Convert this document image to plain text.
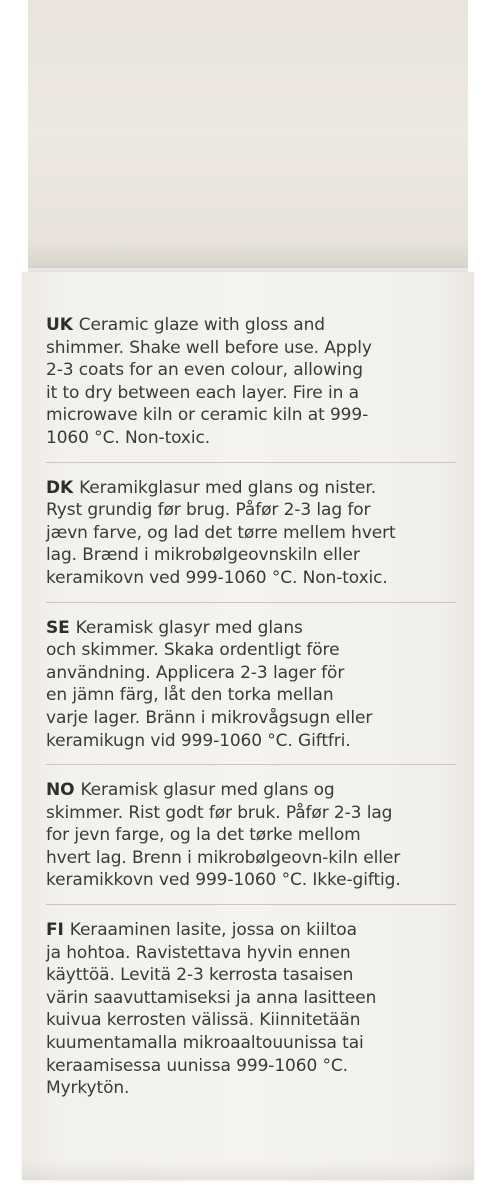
UK Ceramic glaze with gloss and
shimmer. Shake well before use. Apply
2-3 coats for an even colour, allowing
it to dry between each layer. Fire in a
microwave kiln or ceramic kiln at 999-
1060 °C. Non-toxic.
DK Keramikglasur med glans og nister.
Ryst grundig før brug. Påfør 2-3 lag for
jævn farve, og lad det tørre mellem hvert
lag. Brænd i mikrobølgeovnskiln eller
keramikovn ved 999-1060 °C. Non-toxic.
SE Keramisk glasyr med glans
och skimmer. Skaka ordentligt före
användning. Applicera 2-3 lager för
en jämn färg, låt den torka mellan
varje lager. Bränn i mikrovågsugn eller
keramikugn vid 999-1060 °C. Giftfri.
NO Keramisk glasur med glans og
skimmer. Rist godt før bruk. Påfør 2-3 lag
for jevn farge, og la det tørke mellom
hvert lag. Brenn i mikrobølgeovn-kiln eller
keramikkovn ved 999-1060 °C. Ikke-giftig.
FI Keraaminen lasite, jossa on kiiltoa
ja hohtoa. Ravistettava hyvin ennen
käyttöä. Levitä 2-3 kerrosta tasaisen
värin saavuttamiseksi ja anna lasitteen
kuivua kerrosten välissä. Kiinnitetään
kuumentamalla mikroaaltouunissa tai
keraamisessa uunissa 999-1060 °C.
Myrkytön.
